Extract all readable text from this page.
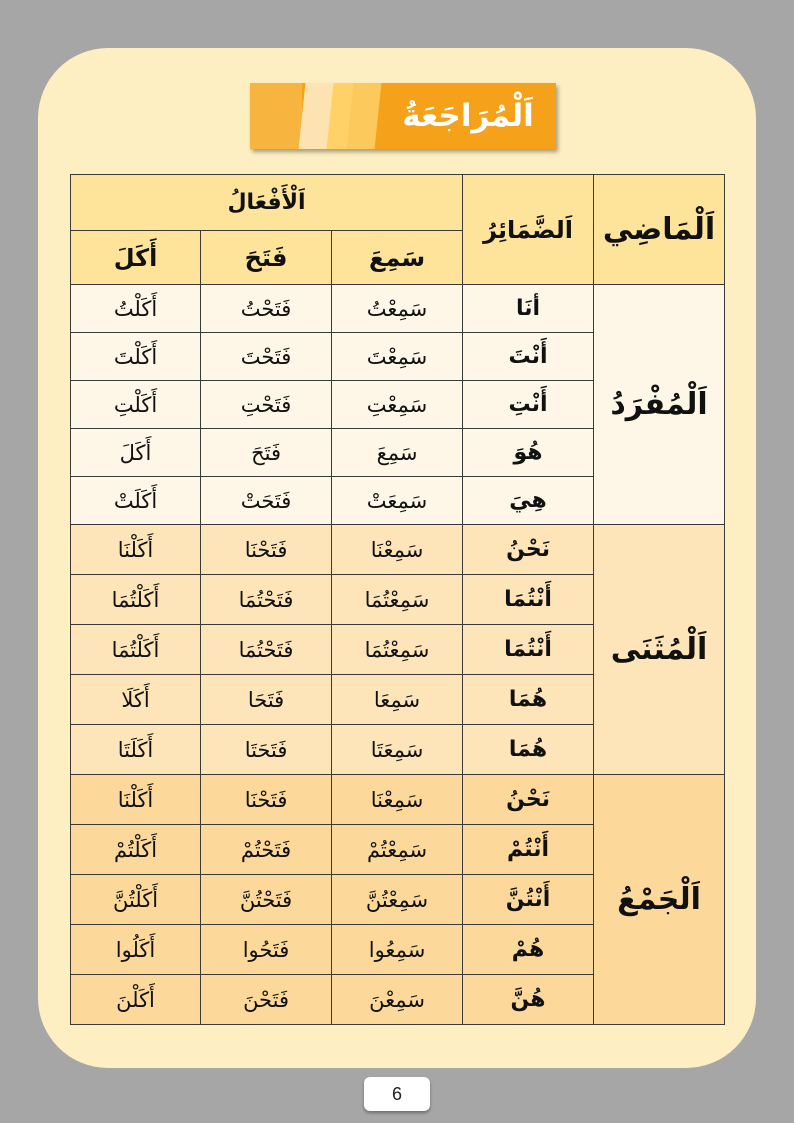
اَلْمُرَاجَعَةُ
اَلْمَاضِي	اَلضَّمَائِرُ	اَلْأَفْعَالُ		
		سَمِعَ	فَتَحَ	أَكَلَ
اَلْمُفْرَدُ	أنَا	سَمِعْتُ	فَتَحْتُ	أَكَلْتُ
	أَنْتَ	سَمِعْتَ	فَتَحْتَ	أَكَلْتَ
	أَنْتِ	سَمِعْتِ	فَتَحْتِ	أَكَلْتِ
	هُوَ	سَمِعَ	فَتَحَ	أَكَلَ
	هِيَ	سَمِعَتْ	فَتَحَتْ	أَكَلَتْ
اَلْمُثَنَى	نَحْنُ	سَمِعْنَا	فَتَحْنَا	أَكَلْنَا
	أَنْتُمَا	سَمِعْتُمَا	فَتَحْتُمَا	أَكَلْتُمَا
	أَنْتُمَا	سَمِعْتُمَا	فَتَحْتُمَا	أَكَلْتُمَا
	هُمَا	سَمِعَا	فَتَحَا	أَكَلَا
	هُمَا	سَمِعَتَا	فَتَحَتَا	أَكَلَتَا
اَلْجَمْعُ	نَحْنُ	سَمِعْنَا	فَتَحْنَا	أَكَلْنَا
	أَنْتُمْ	سَمِعْتُمْ	فَتَحْتُمْ	أَكَلْتُمْ
	أَنْتُنَّ	سَمِعْتُنَّ	فَتَحْتُنَّ	أَكَلْتُنَّ
	هُمْ	سَمِعُوا	فَتَحُوا	أَكَلُوا
	هُنَّ	سَمِعْنَ	فَتَحْنَ	أَكَلْنَ
6
